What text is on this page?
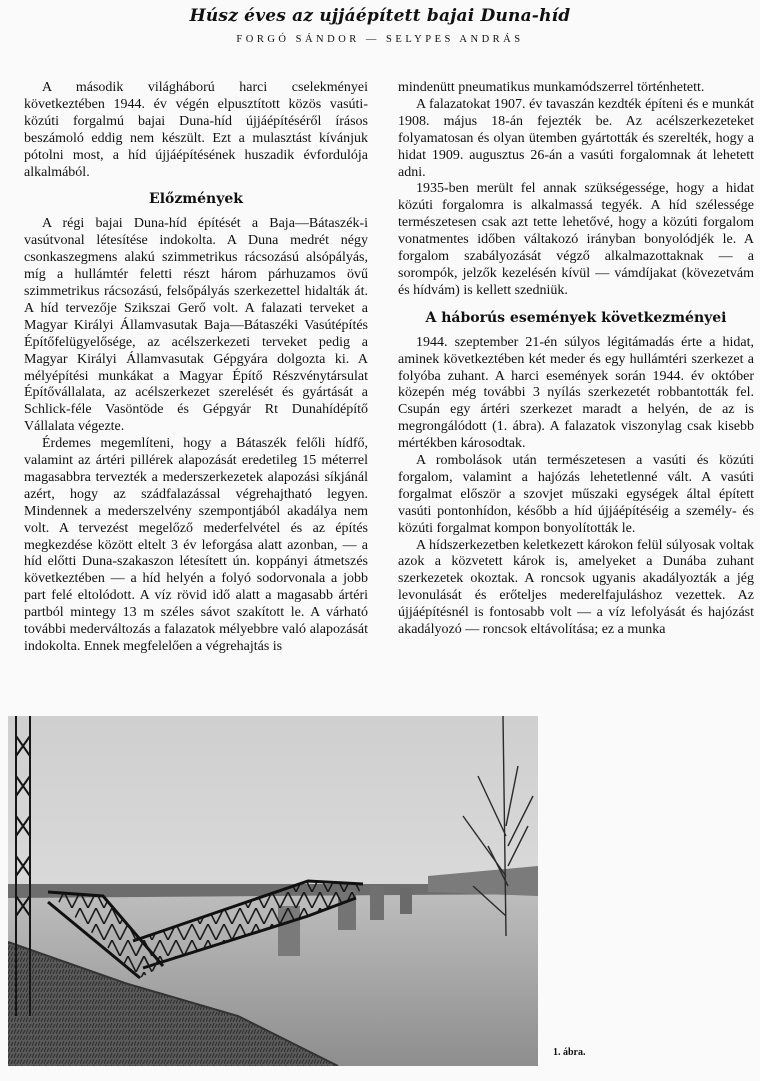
Húsz éves az ujjáépített bajai Duna-híd
FORGÓ SÁNDOR — SELYPES ANDRÁS

A második világháború harci cselekményei következtében 1944. év végén elpusztított közös vasúti-közúti forgalmú bajai Duna-híd újjáépítéséről írásos beszámoló eddig nem készült. Ezt a mulasztást kívánjuk pótolni most, a híd újjáépítésének huszadik évfordulója alkalmából.

Előzmények

A régi bajai Duna-híd építését a Baja—Bátaszék-i vasútvonal létesítése indokolta. A Duna medrét négy csonkaszegmens alakú szimmetrikus rácsozású alsópályás, míg a hullámtér feletti részt három párhuzamos övű szimmetrikus rácsozású, felsőpályás szerkezettel hidalták át. A híd tervezője Szikszai Gerő volt. A falazati terveket a Magyar Királyi Államvasutak Baja—Bátaszéki Vasútépítés Építőfelügyelősége, az acélszerkezeti terveket pedig a Magyar Királyi Államvasutak Gépgyára dolgozta ki. A mélyépítési munkákat a Magyar Építő Részvénytársulat Építővállalata, az acélszerkezet szerelését és gyártását a Schlick-féle Vasöntöde és Gépgyár Rt Dunahídépítő Vállalata végezte.

Érdemes megemlíteni, hogy a Bátaszék felőli hídfő, valamint az ártéri pillérek alapozását eredetileg 15 méterrel magasabbra tervezték a mederszerkezetek alapozási síkjánál azért, hogy az szádfalazással végrehajtható legyen. Mindennek a mederszelvény szempontjából akadálya nem volt. A tervezést megelőző mederfelvétel és az építés megkezdése között eltelt 3 év leforgása alatt azonban, — a híd előtti Duna-szakaszon létesített ún. koppányi átmetszés következtében — a híd helyén a folyó sodorvonala a jobb part felé eltolódott. A víz rövid idő alatt a magasabb ártéri partból mintegy 13 m széles sávot szakított le. A várható további mederváltozás a falazatok mélyebbre való alapozását indokolta. Ennek megfelelően a végrehajtás is

mindenütt pneumatikus munkamódszerrel történhetett.

A falazatokat 1907. év tavaszán kezdték építeni és e munkát 1908. május 18-án fejezték be. Az acélszerkezeteket folyamatosan és olyan ütemben gyártották és szerelték, hogy a hidat 1909. augusztus 26-án a vasúti forgalomnak át lehetett adni.

1935-ben merült fel annak szükségessége, hogy a hidat közúti forgalomra is alkalmassá tegyék. A híd szélessége természetesen csak azt tette lehetővé, hogy a közúti forgalom vonatmentes időben váltakozó irányban bonyolódjék le. A forgalom szabályozását végző alkalmazottaknak — a sorompók, jelzők kezelésén kívül — vámdíjakat (kövezetvám és hídvám) is kellett szedniük.

A háborús események következményei

1944. szeptember 21-én súlyos légitámadás érte a hidat, aminek következtében két meder és egy hullámtéri szerkezet a folyóba zuhant. A harci események során 1944. év október közepén még további 3 nyílás szerkezetét robbantották fel. Csupán egy ártéri szerkezet maradt a helyén, de az is megrongálódott (1. ábra). A falazatok viszonylag csak kisebb mértékben károsodtak.

A rombolások után természetesen a vasúti és közúti forgalom, valamint a hajózás lehetetlenné vált. A vasúti forgalmat először a szovjet műszaki egységek által épített vasúti pontonhídon, később a híd újjáépítéséig a személy- és közúti forgalmat kompon bonyolították le.

A hídszerkezetben keletkezett károkon felül súlyosak voltak azok a közvetett károk is, amelyeket a Dunába zuhant szerkezetek okoztak. A roncsok ugyanis akadályozták a jég levonulását és erőteljes mederelfajuláshoz vezettek. Az újjáépítésnél is fontosabb volt — a víz lefolyását és hajózást akadályozó — roncsok eltávolítása; ez a munka

1. ábra.
